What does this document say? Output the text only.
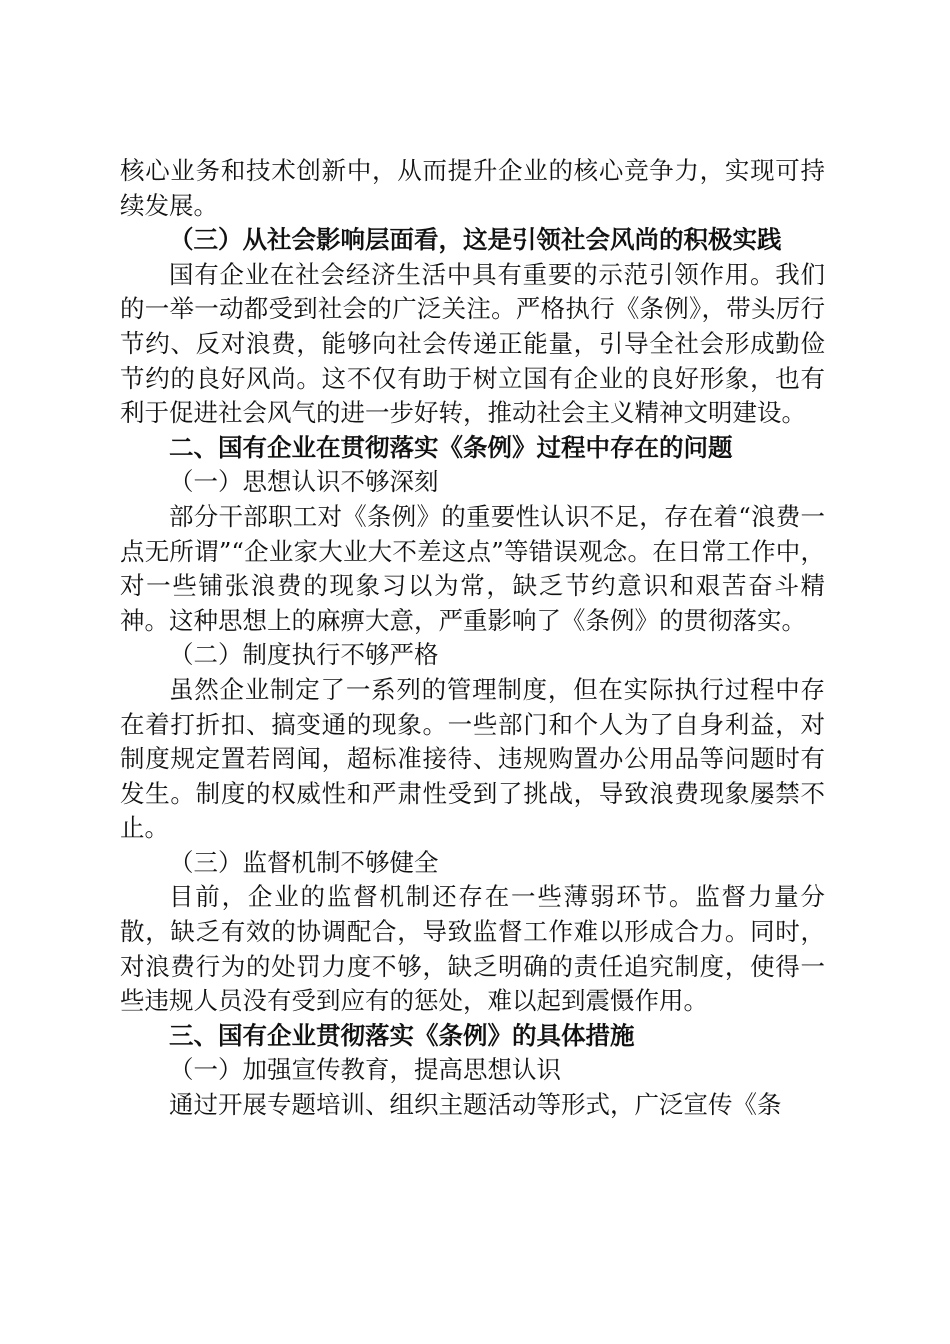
核心业务和技术创新中，从而提升企业的核心竞争力，实现可持续发展。

（三）从社会影响层面看，这是引领社会风尚的积极实践

国有企业在社会经济生活中具有重要的示范引领作用。我们的一举一动都受到社会的广泛关注。严格执行《条例》，带头厉行节约、反对浪费，能够向社会传递正能量，引导全社会形成勤俭节约的良好风尚。这不仅有助于树立国有企业的良好形象，也有利于促进社会风气的进一步好转，推动社会主义精神文明建设。

二、国有企业在贯彻落实《条例》过程中存在的问题

（一）思想认识不够深刻

部分干部职工对《条例》的重要性认识不足，存在着“浪费一点无所谓”“企业家大业大不差这点”等错误观念。在日常工作中，对一些铺张浪费的现象习以为常，缺乏节约意识和艰苦奋斗精神。这种思想上的麻痹大意，严重影响了《条例》的贯彻落实。

（二）制度执行不够严格

虽然企业制定了一系列的管理制度，但在实际执行过程中存在着打折扣、搞变通的现象。一些部门和个人为了自身利益，对制度规定置若罔闻，超标准接待、违规购置办公用品等问题时有发生。制度的权威性和严肃性受到了挑战，导致浪费现象屡禁不止。

（三）监督机制不够健全

目前，企业的监督机制还存在一些薄弱环节。监督力量分散，缺乏有效的协调配合，导致监督工作难以形成合力。同时，对浪费行为的处罚力度不够，缺乏明确的责任追究制度，使得一些违规人员没有受到应有的惩处，难以起到震慑作用。

三、国有企业贯彻落实《条例》的具体措施

（一）加强宣传教育，提高思想认识

通过开展专题培训、组织主题活动等形式，广泛宣传《条
